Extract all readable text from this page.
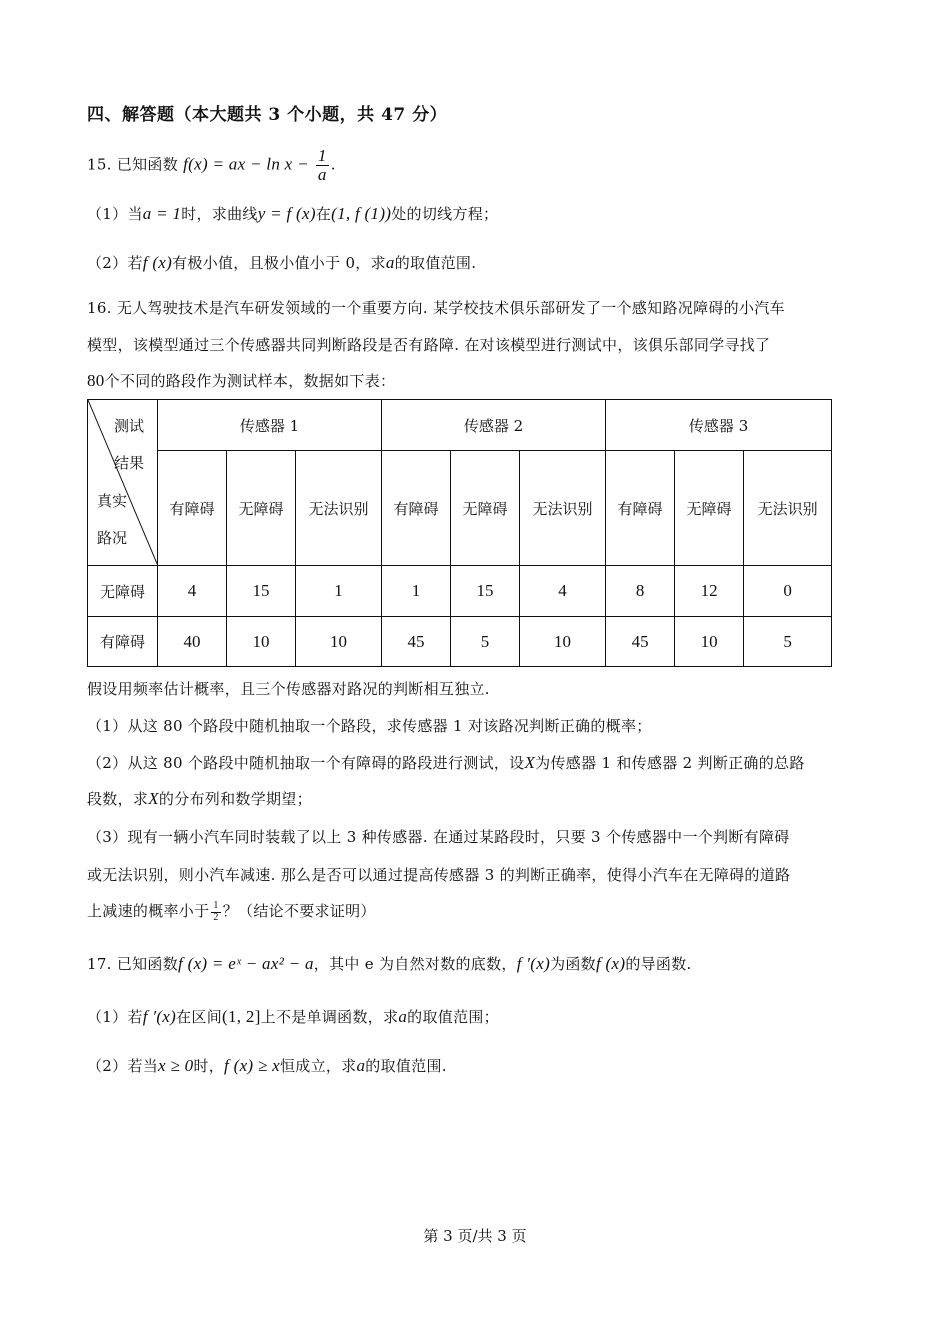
四、解答题（本大题共 3 个小题，共 47 分）
15. 已知函数 f(x) = ax − $\ln x - \frac{1}{a}$ .
（1）当a = 1时，求曲线y = f (x)在(1, f (1))处的切线方程；
（2）若f (x)有极小值，且极小值小于 0，求a的取值范围.
16. 无人驾驶技术是汽车研发领域的一个重要方向. 某学校技术俱乐部研发了一个感知路况障碍的小汽车
模型，该模型通过三个传感器共同判断路段是否有路障. 在对该模型进行测试中，该俱乐部同学寻找了
80个不同的路段作为测试样本，数据如下表：
测试
结果
真实
路况	传感器 1			传感器 2			传感器 3		
	有障碍	无障碍	无法识别	有障碍	无障碍	无法识别	有障碍	无障碍	无法识别
无障碍	4	15	1	1	15	4	8	12	0
有障碍	40	10	10	45	5	10	45	10	5
假设用频率估计概率，且三个传感器对路况的判断相互独立.
（1）从这 80 个路段中随机抽取一个路段，求传感器 1 对该路况判断正确的概率；
（2）从这 80 个路段中随机抽取一个有障碍的路段进行测试，设X为传感器 1 和传感器 2 判断正确的总路
段数，求X的分布列和数学期望；
（3）现有一辆小汽车同时装载了以上 3 种传感器. 在通过某路段时，只要 3 个传感器中一个判断有障碍
或无法识别，则小汽车减速. 那么是否可以通过提高传感器 3 的判断正确率，使得小汽车在无障碍的道路
上减速的概率小于 $\frac{1}{2}$ ？（结论不要求证明）
17. 已知函数f (x) = eˣ − ax² − a，其中 e 为自然对数的底数，f ′(x)为函数f (x)的导函数.
（1）若f ′(x)在区间(1, 2]上不是单调函数，求a的取值范围；
（2）若当x ≥ 0时，f (x) ≥ x恒成立，求a的取值范围.
第 3 页/共 3 页
